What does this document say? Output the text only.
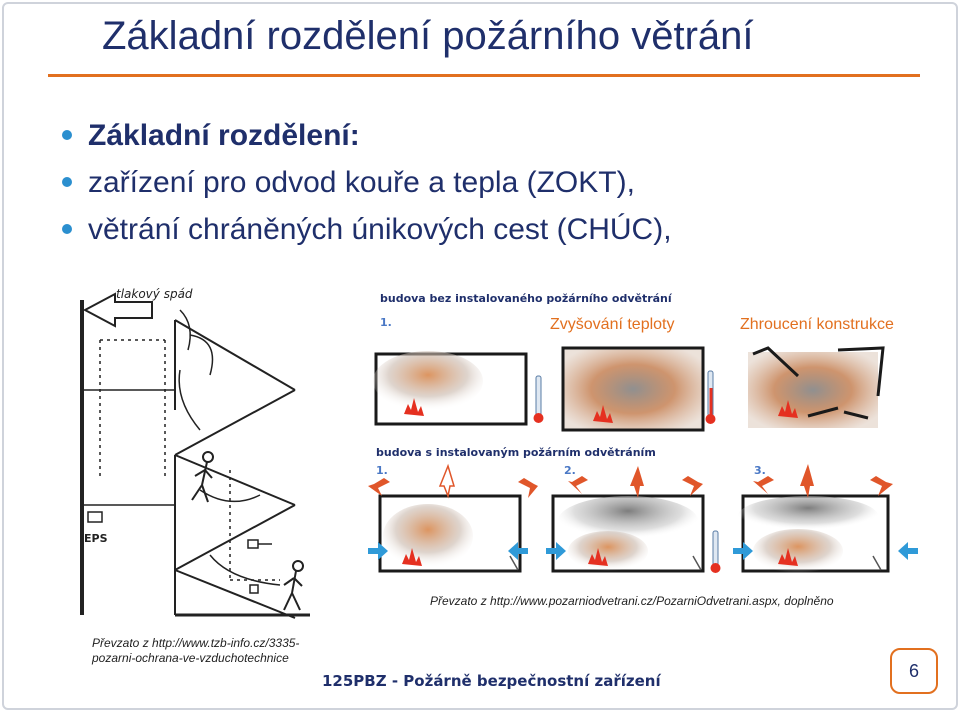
Základní rozdělení požárního větrání
Základní rozdělení:
zařízení pro odvod kouře a tepla (ZOKT),
větrání chráněných únikových cest (CHÚC),
tlakový spád
EPS
budova bez instalovaného požárního odvětrání
1.	Zvyšování teploty	Zhroucení konstrukce
budova s instalovaným požárním odvětráním
1.	2.	3.
Převzato z http://www.pozarniodvetrani.cz/PozarniOdvetrani.aspx, doplněno
Převzato z http://www.tzb-info.cz/3335-
pozarni-ochrana-ve-vzduchotechnice
125PBZ - Požárně bezpečnostní zařízení
6
